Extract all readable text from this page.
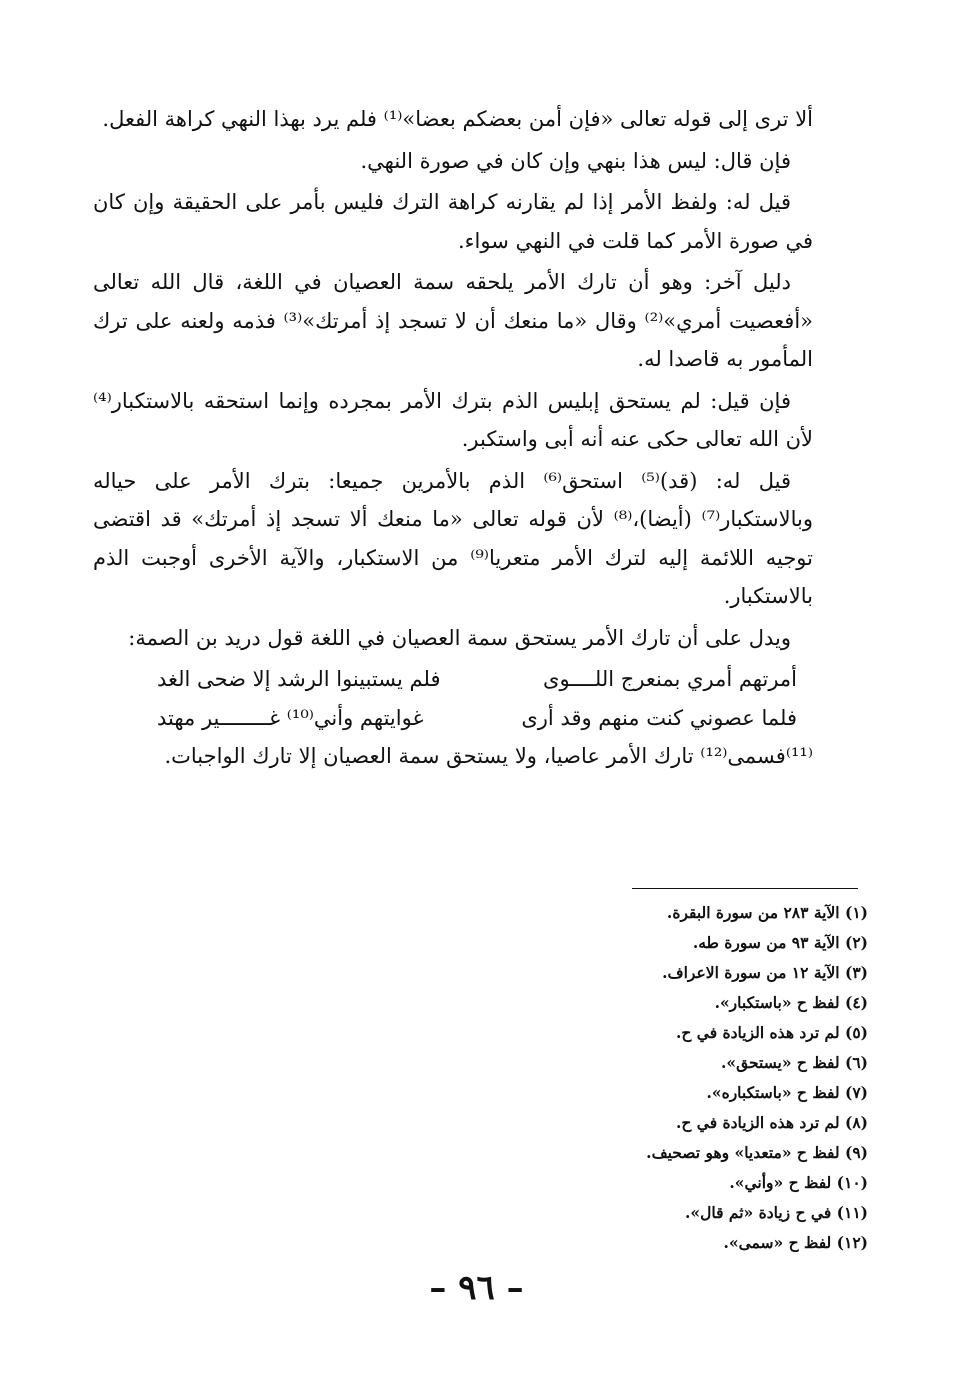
ألا ترى إلى قوله تعالى «فإن أمن بعضكم بعضا»⁽¹⁾ فلم يرد بهذا النهي كراهة الفعل.

فإن قال: ليس هذا بنهي وإن كان في صورة النهي.

قيل له: ولفظ الأمر إذا لم يقارنه كراهة الترك فليس بأمر على الحقيقة وإن كان في صورة الأمر كما قلت في النهي سواء.

دليل آخر: وهو أن تارك الأمر يلحقه سمة العصيان في اللغة، قال الله تعالى «أفعصيت أمري»⁽²⁾ وقال «ما منعك أن لا تسجد إذ أمرتك»⁽³⁾ فذمه ولعنه على ترك المأمور به قاصدا له.

فإن قيل: لم يستحق إبليس الذم بترك الأمر بمجرده وإنما استحقه بالاستكبار⁽⁴⁾ لأن الله تعالى حكى عنه أنه أبى واستكبر.

قيل له: (قد)⁽⁵⁾ استحق⁽⁶⁾ الذم بالأمرين جميعا: بترك الأمر على حياله وبالاستكبار⁽⁷⁾ (أيضا)،⁽⁸⁾ لأن قوله تعالى «ما منعك ألا تسجد إذ أمرتك» قد اقتضى توجيه اللائمة إليه لترك الأمر متعريا⁽⁹⁾ من الاستكبار، والآية الأخرى أوجبت الذم بالاستكبار.

ويدل على أن تارك الأمر يستحق سمة العصيان في اللغة قول دريد بن الصمة:

أمرتهم أمري بمنعرج اللــــوى
فلم يستبينوا الرشد إلا ضحى الغد
فلما عصوني كنت منهم وقد أرى
غوايتهم وأني⁽¹⁰⁾ غــــــــير مهتد

⁽¹¹⁾فسمى⁽¹²⁾ تارك الأمر عاصيا، ولا يستحق سمة العصيان إلا تارك الواجبات.

(١) الآية ٢٨٣ من سورة البقرة.
(٢) الآية ٩٣ من سورة طه.
(٣) الآية ١٢ من سورة الاعراف.
(٤) لفظ ح «باستكبار».
(٥) لم ترد هذه الزيادة في ح.
(٦) لفظ ح «يستحق».
(٧) لفظ ح «باستكباره».
(٨) لم ترد هذه الزيادة في ح.
(٩) لفظ ح «متعديا» وهو تصحيف.
(١٠) لفظ ح «وأني».
(١١) في ح زيادة «ثم قال».
(١٢) لفظ ح «سمى».
– ٩٦ –
